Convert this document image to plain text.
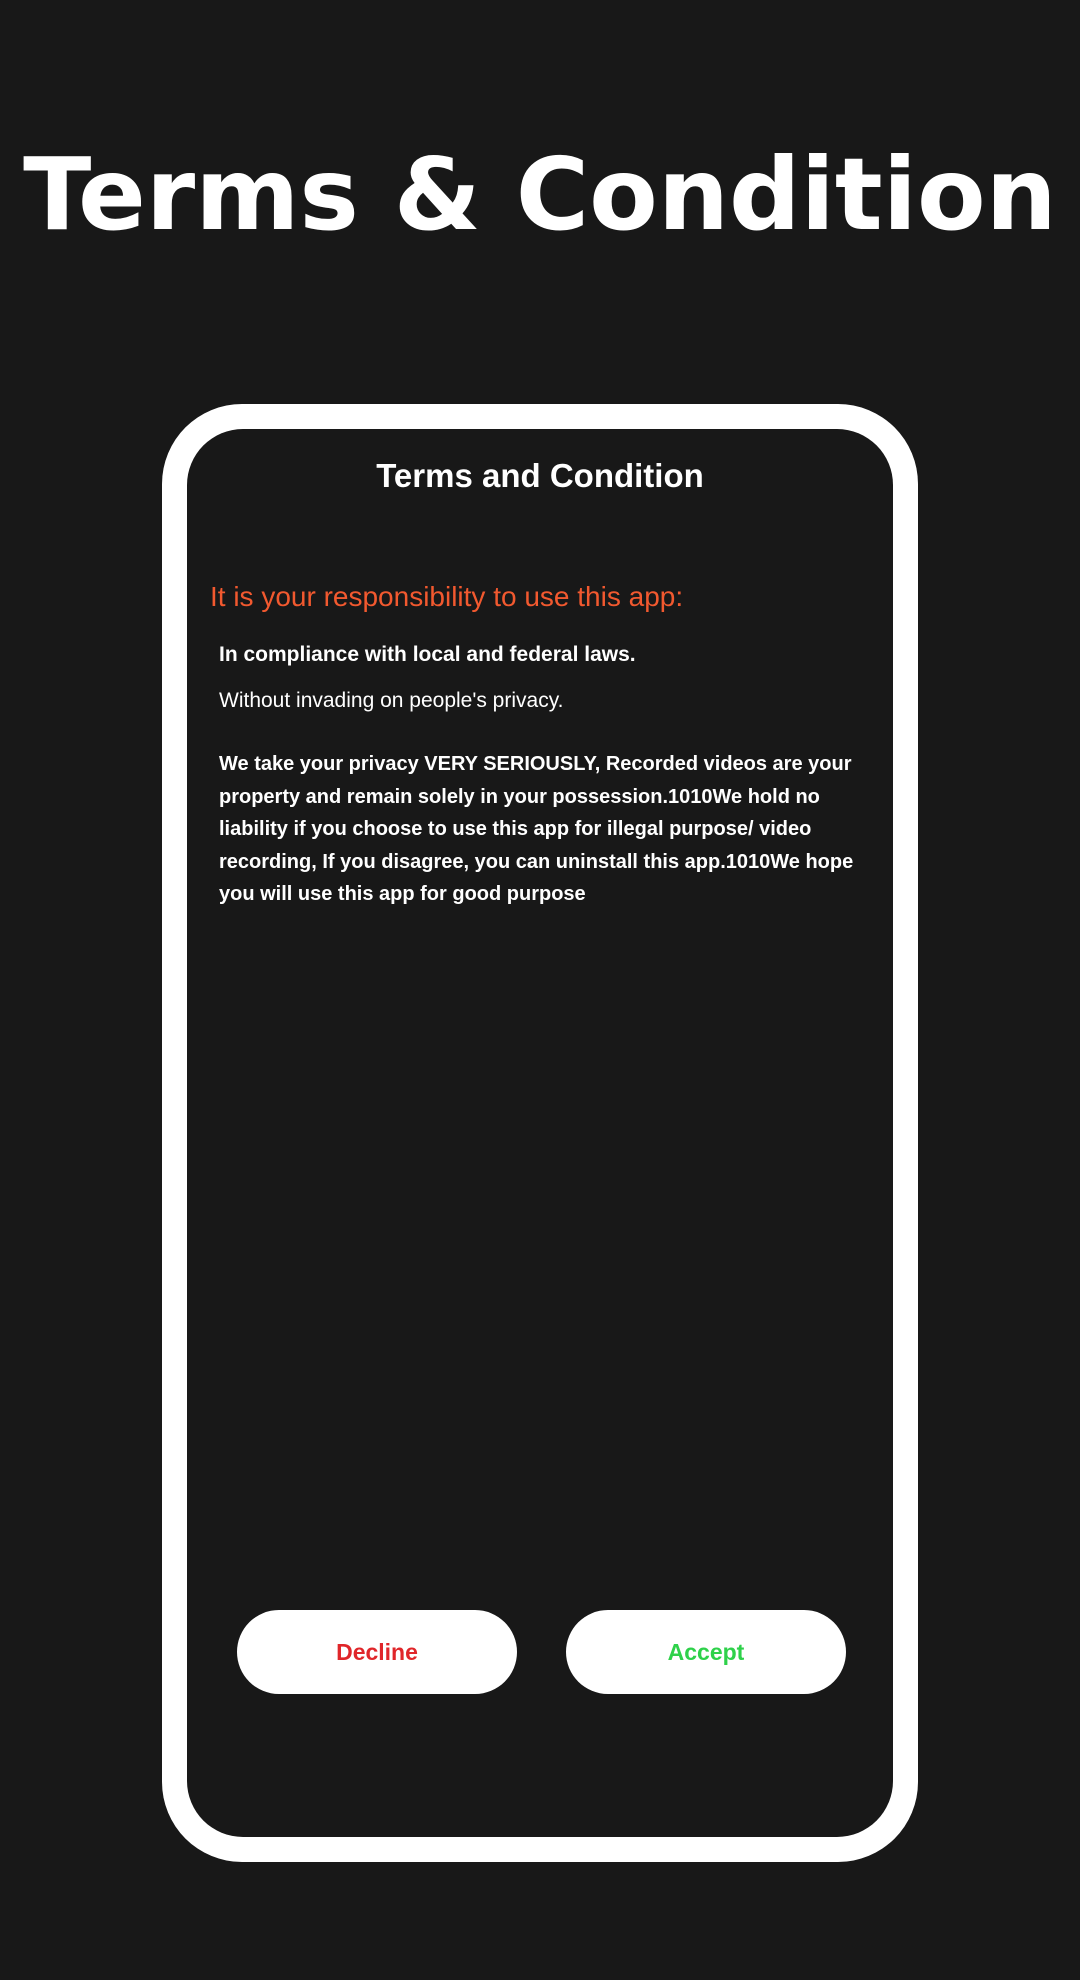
Terms & Condition
Terms and Condition
It is your responsibility to use this app:
In compliance with local and federal laws.
Without invading on people's privacy.
We take your privacy VERY SERIOUSLY, Recorded videos are your property and remain solely in your possession.1010We hold no liability if you choose to use this app for illegal purpose/ video recording, If you disagree, you can uninstall this app.1010We hope you will use this app for good purpose
Decline	Accept
